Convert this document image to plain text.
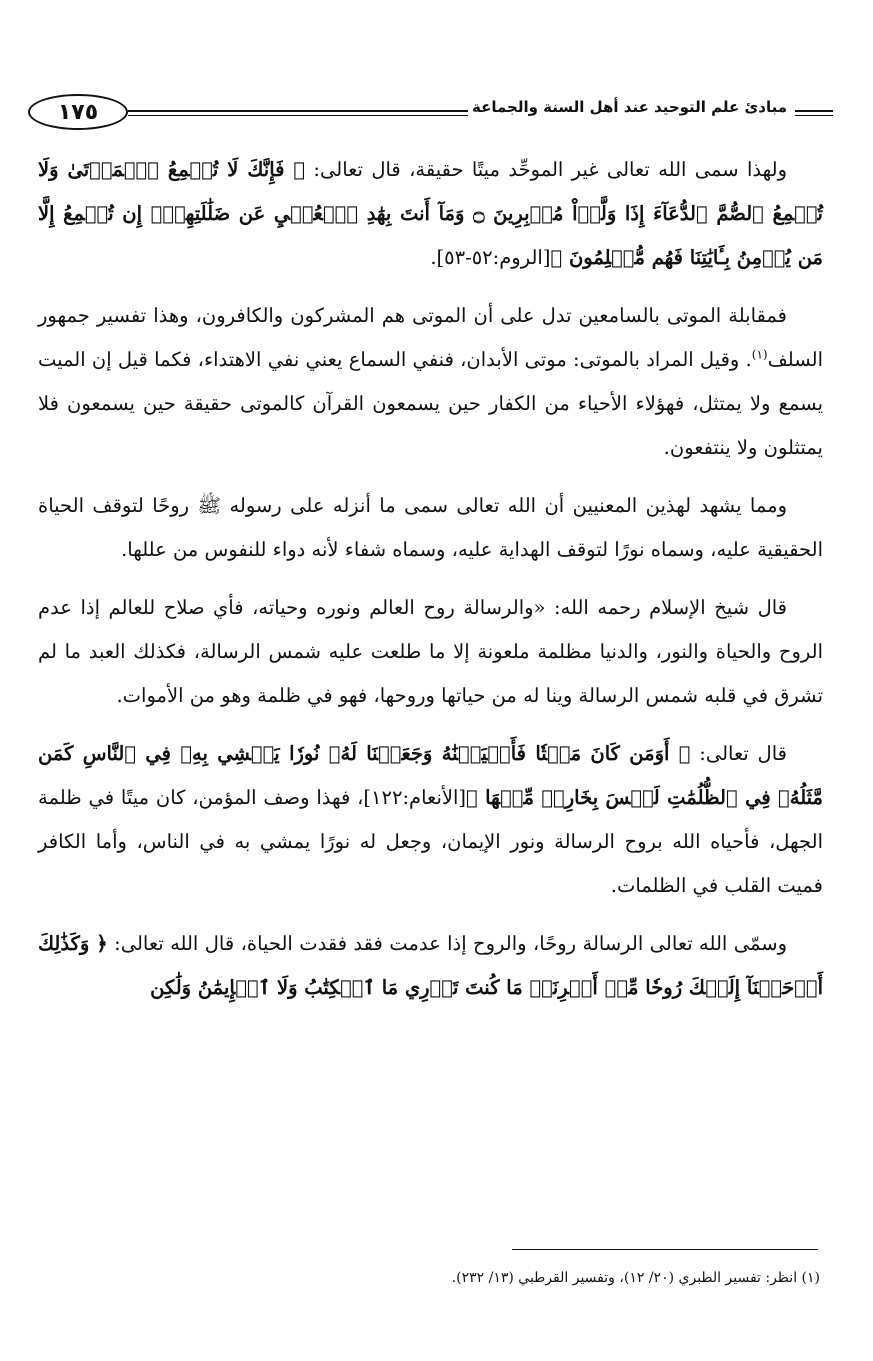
١٧٥	مبادئ علم التوحيد عند أهل السنة والجماعة

ولهذا سمى الله تعالى غير الموحِّد ميتًا حقيقة، قال تعالى: ﴿ فَإِنَّكَ لَا تُسۡمِعُ ٱلۡمَوۡتَىٰ وَلَا تُسۡمِعُ ٱلصُّمَّ ٱلدُّعَآءَ إِذَا وَلَّوۡاْ مُدۡبِرِينَ ۝ وَمَآ أَنتَ بِهَٰدِ ٱلۡعُمۡيِ عَن ضَلَٰلَتِهِمۡۖ إِن تُسۡمِعُ إِلَّا مَن يُؤۡمِنُ بِـَٔايَٰتِنَا فَهُم مُّسۡلِمُونَ ﴾[الروم:٥٢-٥٣].

فمقابلة الموتى بالسامعين تدل على أن الموتى هم المشركون والكافرون، وهذا تفسير جمهور السلف$^{(١)}$. وقيل المراد بالموتى: موتى الأبدان، فنفي السماع يعني نفي الاهتداء، فكما قيل إن الميت يسمع ولا يمتثل، فهؤلاء الأحياء من الكفار حين يسمعون القرآن كالموتى حقيقة حين يسمعون فلا يمتثلون ولا ينتفعون.

ومما يشهد لهذين المعنيين أن الله تعالى سمى ما أنزله على رسوله ﷺ روحًا لتوقف الحياة الحقيقية عليه، وسماه نورًا لتوقف الهداية عليه، وسماه شفاء لأنه دواء للنفوس من عللها.

قال شيخ الإسلام رحمه الله: «والرسالة روح العالم ونوره وحياته، فأي صلاح للعالم إذا عدم الروح والحياة والنور، والدنيا مظلمة ملعونة إلا ما طلعت عليه شمس الرسالة، فكذلك العبد ما لم تشرق في قلبه شمس الرسالة وينا له من حياتها وروحها، فهو في ظلمة وهو من الأموات.

قال تعالى: ﴿ أَوَمَن كَانَ مَيۡتٗا فَأَحۡيَيۡنَٰهُ وَجَعَلۡنَا لَهُۥ نُورٗا يَمۡشِي بِهِۦ فِي ٱلنَّاسِ كَمَن مَّثَلُهُۥ فِي ٱلظُّلُمَٰتِ لَيۡسَ بِخَارِجٖ مِّنۡهَا ﴾[الأنعام:١٢٢]، فهذا وصف المؤمن، كان ميتًا في ظلمة الجهل، فأحياه الله بروح الرسالة ونور الإيمان، وجعل له نورًا يمشي به في الناس، وأما الكافر فميت القلب في الظلمات.

وسمّى الله تعالى الرسالة روحًا، والروح إذا عدمت فقد فقدت الحياة، قال الله تعالى: ﴿ وَكَذَٰلِكَ أَوۡحَيۡنَآ إِلَيۡكَ رُوحٗا مِّنۡ أَمۡرِنَاۚ مَا كُنتَ تَدۡرِي مَا ٱلۡكِتَٰبُ وَلَا ٱلۡإِيمَٰنُ وَلَٰكِن

(١) انظر: تفسير الطبري (٢٠/ ١٢)، وتفسير القرطبي (١٣/ ٢٣٢).
